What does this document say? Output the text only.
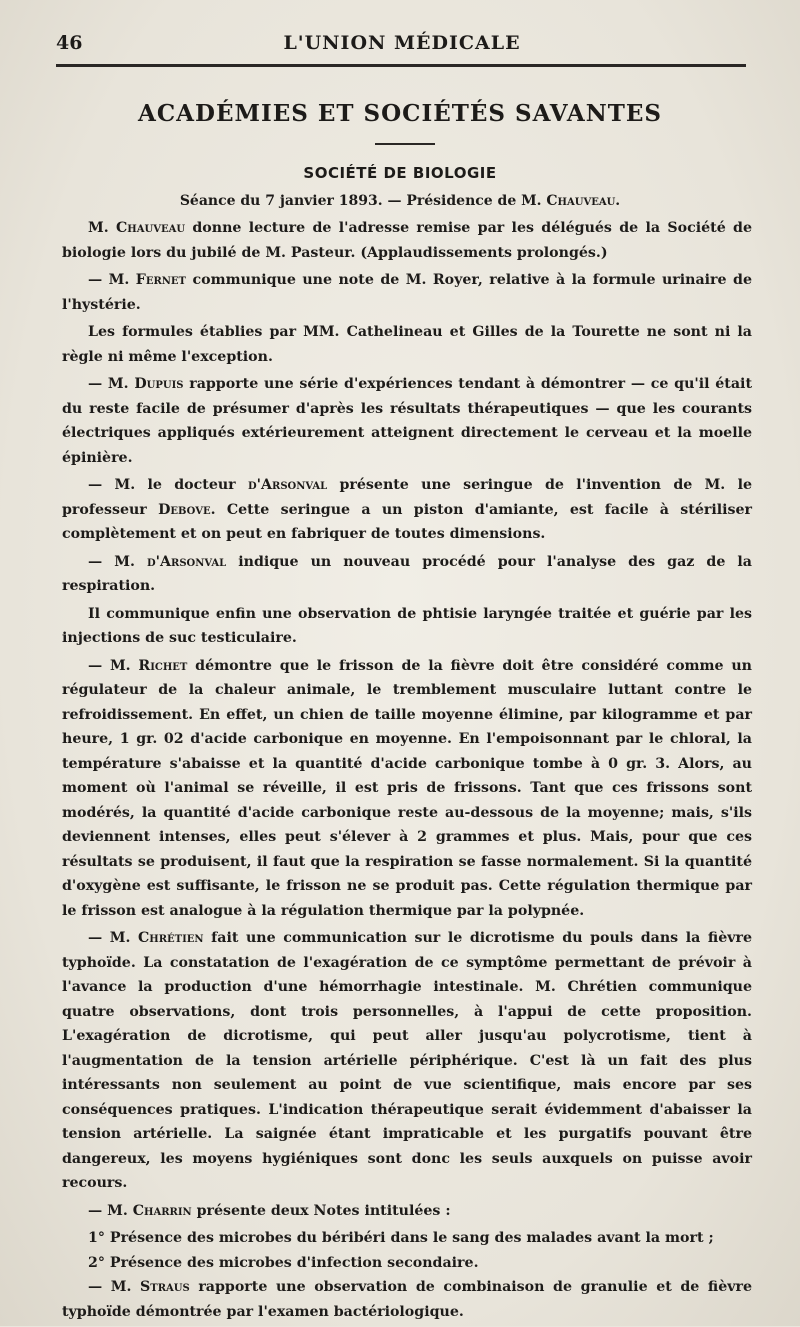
46	L'UNION MÉDICALE
ACADÉMIES ET SOCIÉTÉS SAVANTES
SOCIÉTÉ DE BIOLOGIE
Séance du 7 janvier 1893. — Présidence de M. Chauveau.

M. Chauveau donne lecture de l'adresse remise par les délégués de la Société de biologie lors du jubilé de M. Pasteur. (Applaudissements prolongés.)

— M. Fernet communique une note de M. Royer, relative à la formule urinaire de l'hystérie.

Les formules établies par MM. Cathelineau et Gilles de la Tourette ne sont ni la règle ni même l'exception.

— M. Dupuis rapporte une série d'expériences tendant à démontrer — ce qu'il était du reste facile de présumer d'après les résultats thérapeutiques — que les courants électriques appliqués extérieurement atteignent directement le cerveau et la moelle épinière.

— M. le docteur d'Arsonval présente une seringue de l'invention de M. le professeur Debove. Cette seringue a un piston d'amiante, est facile à stériliser complètement et on peut en fabriquer de toutes dimensions.

— M. d'Arsonval indique un nouveau procédé pour l'analyse des gaz de la respiration.

Il communique enfin une observation de phtisie laryngée traitée et guérie par les injections de suc testiculaire.

— M. Richet démontre que le frisson de la fièvre doit être considéré comme un régulateur de la chaleur animale, le tremblement musculaire luttant contre le refroidissement. En effet, un chien de taille moyenne élimine, par kilogramme et par heure, 1 gr. 02 d'acide carbonique en moyenne. En l'empoisonnant par le chloral, la température s'abaisse et la quantité d'acide carbonique tombe à 0 gr. 3. Alors, au moment où l'animal se réveille, il est pris de frissons. Tant que ces frissons sont modérés, la quantité d'acide carbonique reste au-dessous de la moyenne; mais, s'ils deviennent intenses, elles peut s'élever à 2 grammes et plus. Mais, pour que ces résultats se produisent, il faut que la respiration se fasse normalement. Si la quantité d'oxygène est suffisante, le frisson ne se produit pas. Cette régulation thermique par le frisson est analogue à la régulation thermique par la polypnée.

— M. Chrétien fait une communication sur le dicrotisme du pouls dans la fièvre typhoïde. La constatation de l'exagération de ce symptôme permettant de prévoir à l'avance la production d'une hémorrhagie intestinale. M. Chrétien communique quatre observations, dont trois personnelles, à l'appui de cette proposition. L'exagération de dicrotisme, qui peut aller jusqu'au polycrotisme, tient à l'augmentation de la tension artérielle périphérique. C'est là un fait des plus intéressants non seulement au point de vue scientifique, mais encore par ses conséquences pratiques. L'indication thérapeutique serait évidemment d'abaisser la tension artérielle. La saignée étant impraticable et les purgatifs pouvant être dangereux, les moyens hygiéniques sont donc les seuls auxquels on puisse avoir recours.

— M. Charrin présente deux Notes intitulées :

1° Présence des microbes du béribéri dans le sang des malades avant la mort ;

2° Présence des microbes d'infection secondaire.

— M. Straus rapporte une observation de combinaison de granulie et de fièvre typhoïde démontrée par l'examen bactériologique.
